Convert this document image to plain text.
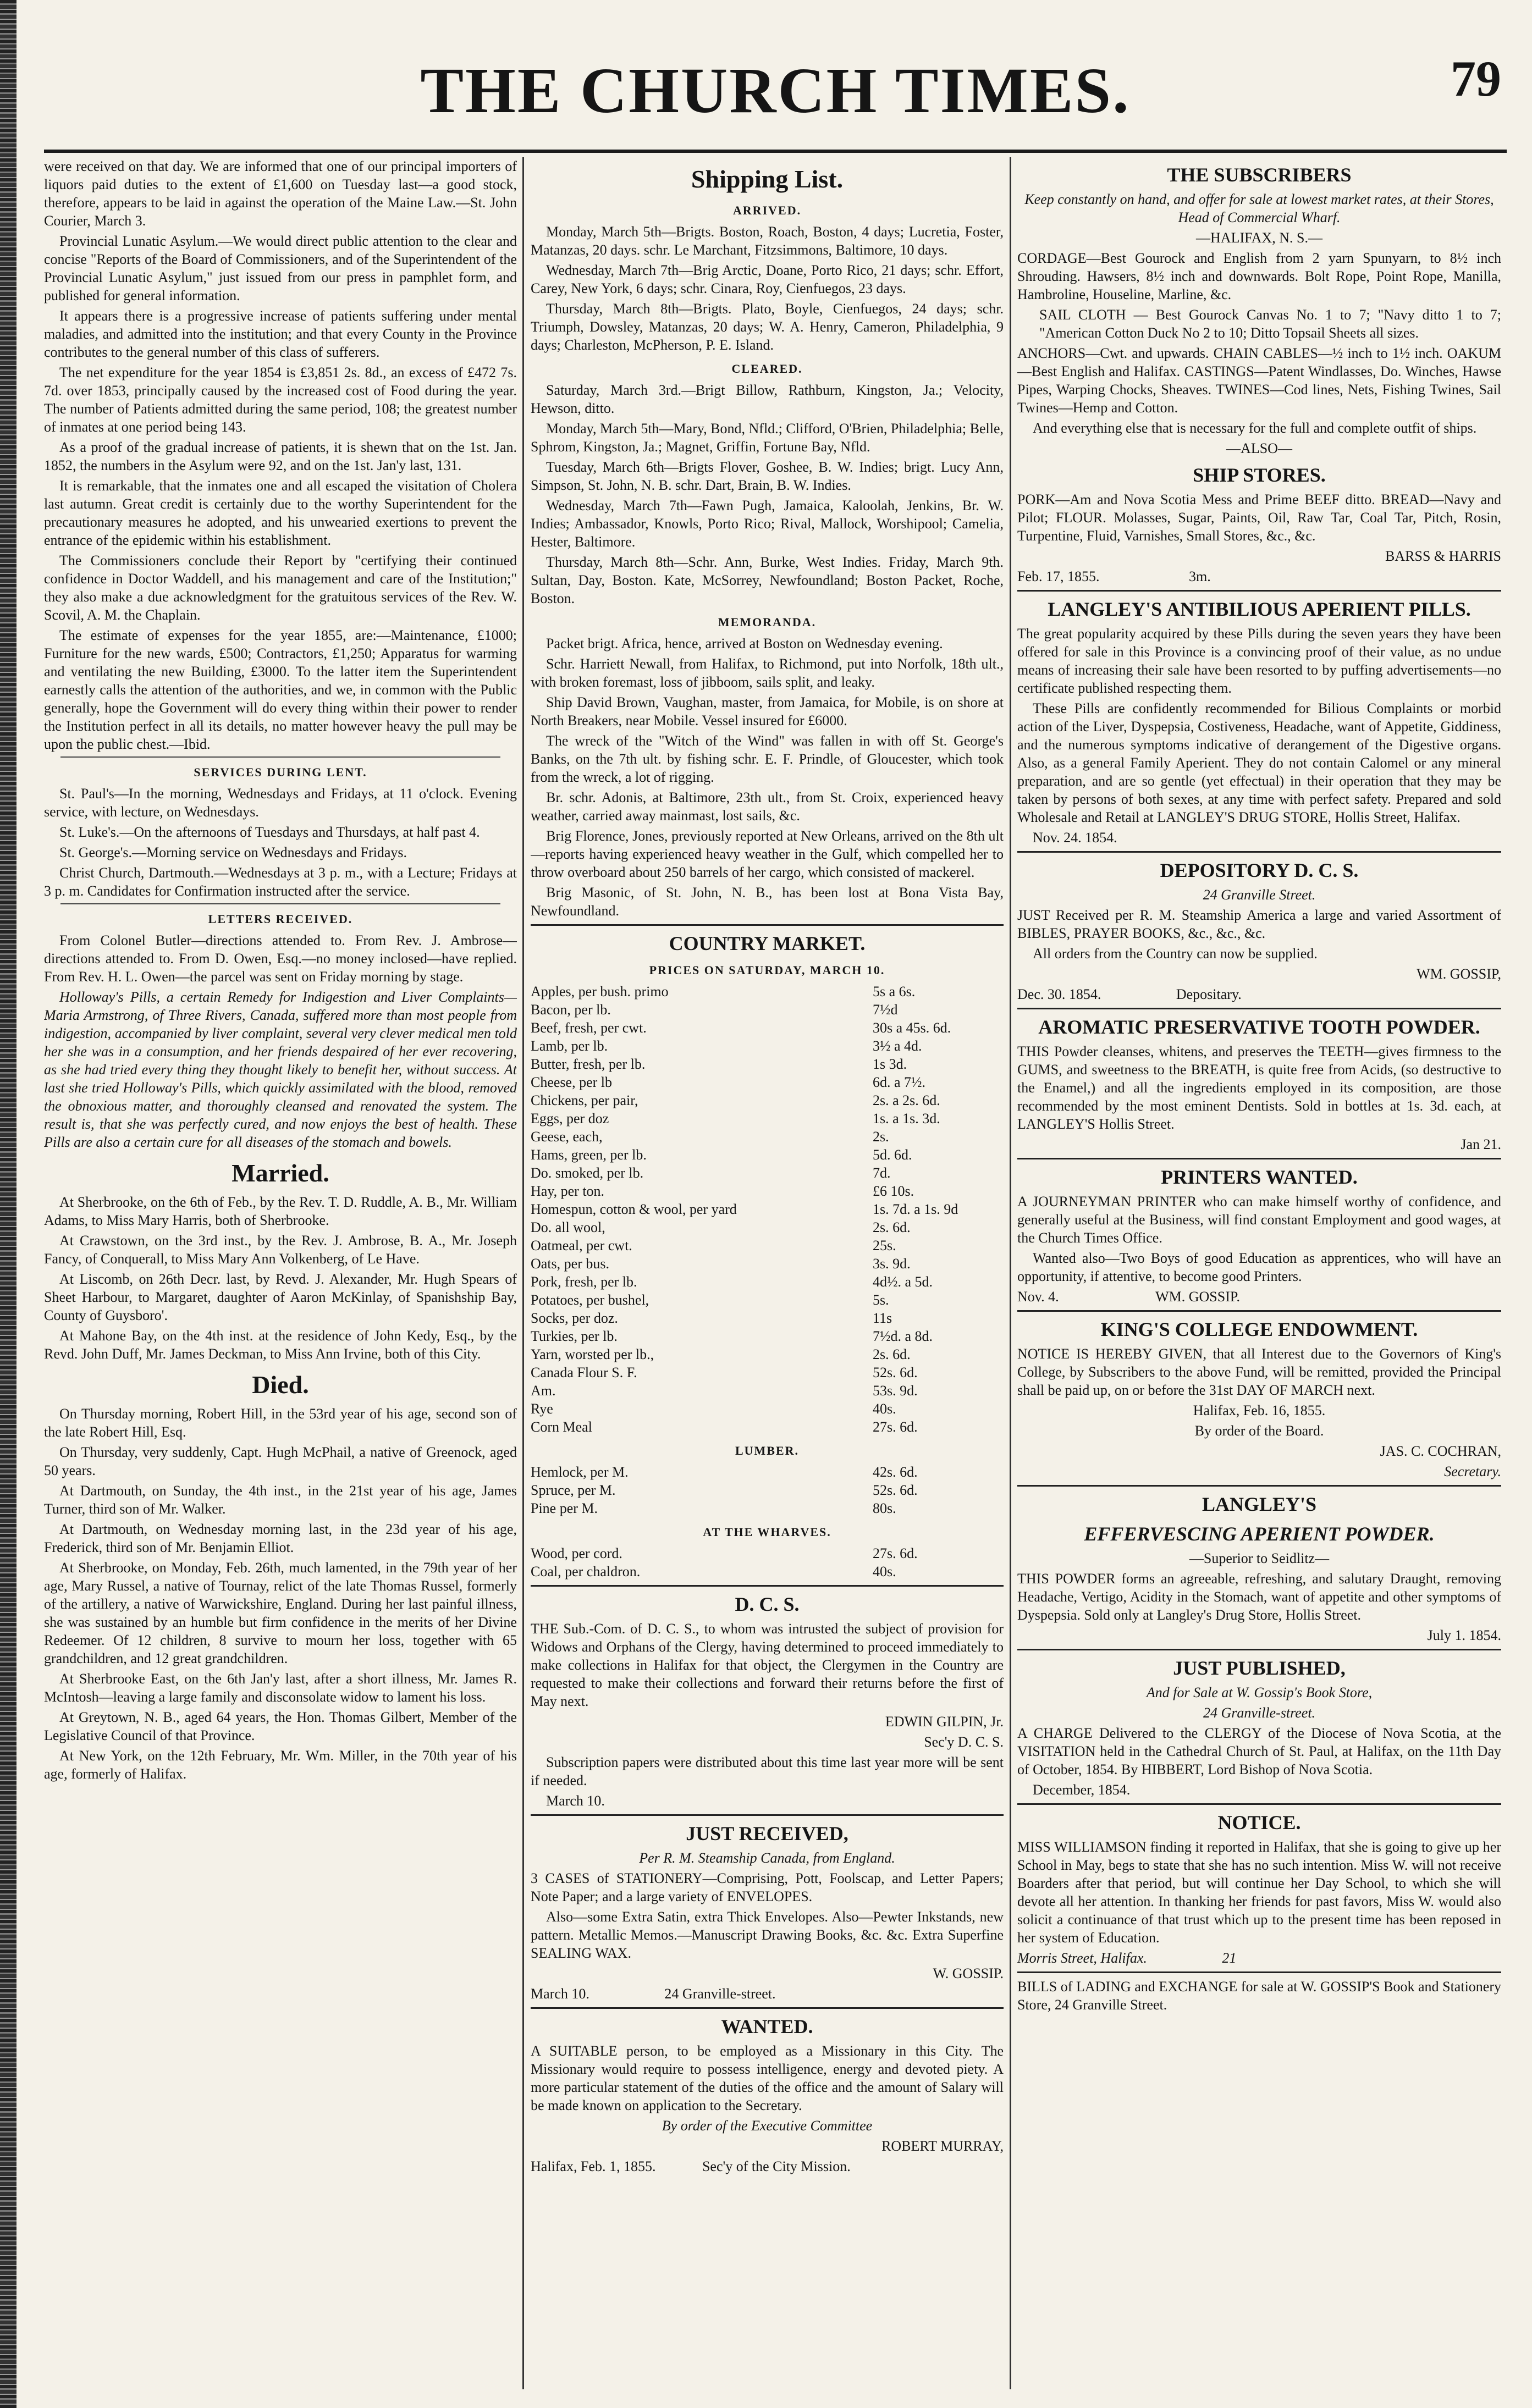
THE CHURCH TIMES.	79

were received on that day. We are informed that one of our principal importers of liquors paid duties to the extent of £1,600 on Tuesday last—a good stock, therefore, appears to be laid in against the operation of the Maine Law.—St. John Courier, March 3.

Provincial Lunatic Asylum.—We would direct public attention to the clear and concise "Reports of the Board of Commissioners, and of the Superintendent of the Provincial Lunatic Asylum," just issued from our press in pamphlet form, and published for general information.

It appears there is a progressive increase of patients suffering under mental maladies, and admitted into the institution; and that every County in the Province contributes to the general number of this class of sufferers.

The net expenditure for the year 1854 is £3,851 2s. 8d., an excess of £472 7s. 7d. over 1853, principally caused by the increased cost of Food during the year. The number of Patients admitted during the same period, 108; the greatest number of inmates at one period being 143.

As a proof of the gradual increase of patients, it is shewn that on the 1st. Jan. 1852, the numbers in the Asylum were 92, and on the 1st. Jan'y last, 131.

It is remarkable, that the inmates one and all escaped the visitation of Cholera last autumn. Great credit is certainly due to the worthy Superintendent for the precautionary measures he adopted, and his unwearied exertions to prevent the entrance of the epidemic within his establishment.

The Commissioners conclude their Report by "certifying their continued confidence in Doctor Waddell, and his management and care of the Institution;" they also make a due acknowledgment for the gratuitous services of the Rev. W. Scovil, A. M. the Chaplain.

The estimate of expenses for the year 1855, are:—Maintenance, £1000; Furniture for the new wards, £500; Contractors, £1,250; Apparatus for warming and ventilating the new Building, £3000. To the latter item the Superintendent earnestly calls the attention of the authorities, and we, in common with the Public generally, hope the Government will do every thing within their power to render the Institution perfect in all its details, no matter however heavy the pull may be upon the public chest.—Ibid.

SERVICES DURING LENT.

St. Paul's—In the morning, Wednesdays and Fridays, at 11 o'clock. Evening service, with lecture, on Wednesdays.

St. Luke's.—On the afternoons of Tuesdays and Thursdays, at half past 4.

St. George's.—Morning service on Wednesdays and Fridays.

Christ Church, Dartmouth.—Wednesdays at 3 p. m., with a Lecture; Fridays at 3 p. m. Candidates for Confirmation instructed after the service.

LETTERS RECEIVED.

From Colonel Butler—directions attended to. From Rev. J. Ambrose—directions attended to. From D. Owen, Esq.—no money inclosed—have replied. From Rev. H. L. Owen—the parcel was sent on Friday morning by stage.

Holloway's Pills, a certain Remedy for Indigestion and Liver Complaints—Maria Armstrong, of Three Rivers, Canada, suffered more than most people from indigestion, accompanied by liver complaint, several very clever medical men told her she was in a consumption, and her friends despaired of her ever recovering, as she had tried every thing they thought likely to benefit her, without success. At last she tried Holloway's Pills, which quickly assimilated with the blood, removed the obnoxious matter, and thoroughly cleansed and renovated the system. The result is, that she was perfectly cured, and now enjoys the best of health. These Pills are also a certain cure for all diseases of the stomach and bowels.

Married.

At Sherbrooke, on the 6th of Feb., by the Rev. T. D. Ruddle, A. B., Mr. William Adams, to Miss Mary Harris, both of Sherbrooke.

At Crawstown, on the 3rd inst., by the Rev. J. Ambrose, B. A., Mr. Joseph Fancy, of Conquerall, to Miss Mary Ann Volkenberg, of Le Have.

At Liscomb, on 26th Decr. last, by Revd. J. Alexander, Mr. Hugh Spears of Sheet Harbour, to Margaret, daughter of Aaron McKinlay, of Spanishship Bay, County of Guysboro'.

At Mahone Bay, on the 4th inst. at the residence of John Kedy, Esq., by the Revd. John Duff, Mr. James Deckman, to Miss Ann Irvine, both of this City.

Died.

On Thursday morning, Robert Hill, in the 53rd year of his age, second son of the late Robert Hill, Esq.

On Thursday, very suddenly, Capt. Hugh McPhail, a native of Greenock, aged 50 years.

At Dartmouth, on Sunday, the 4th inst., in the 21st year of his age, James Turner, third son of Mr. Walker.

At Dartmouth, on Wednesday morning last, in the 23d year of his age, Frederick, third son of Mr. Benjamin Elliot.

At Sherbrooke, on Monday, Feb. 26th, much lamented, in the 79th year of her age, Mary Russel, a native of Tournay, relict of the late Thomas Russel, formerly of the artillery, a native of Warwickshire, England. During her last painful illness, she was sustained by an humble but firm confidence in the merits of her Divine Redeemer. Of 12 children, 8 survive to mourn her loss, together with 65 grandchildren, and 12 great grandchildren.

At Sherbrooke East, on the 6th Jan'y last, after a short illness, Mr. James R. McIntosh—leaving a large family and disconsolate widow to lament his loss.

At Greytown, N. B., aged 64 years, the Hon. Thomas Gilbert, Member of the Legislative Council of that Province.

At New York, on the 12th February, Mr. Wm. Miller, in the 70th year of his age, formerly of Halifax.

Shipping List.
ARRIVED.

Monday, March 5th—Brigts. Boston, Roach, Boston, 4 days; Lucretia, Foster, Matanzas, 20 days. schr. Le Marchant, Fitzsimmons, Baltimore, 10 days.

Wednesday, March 7th—Brig Arctic, Doane, Porto Rico, 21 days; schr. Effort, Carey, New York, 6 days; schr. Cinara, Roy, Cienfuegos, 23 days.

Thursday, March 8th—Brigts. Plato, Boyle, Cienfuegos, 24 days; schr. Triumph, Dowsley, Matanzas, 20 days; W. A. Henry, Cameron, Philadelphia, 9 days; Charleston, McPherson, P. E. Island.

CLEARED.

Saturday, March 3rd.—Brigt Billow, Rathburn, Kingston, Ja.; Velocity, Hewson, ditto.

Monday, March 5th—Mary, Bond, Nfld.; Clifford, O'Brien, Philadelphia; Belle, Sphrom, Kingston, Ja.; Magnet, Griffin, Fortune Bay, Nfld.

Tuesday, March 6th—Brigts Flover, Goshee, B. W. Indies; brigt. Lucy Ann, Simpson, St. John, N. B. schr. Dart, Brain, B. W. Indies.

Wednesday, March 7th—Fawn Pugh, Jamaica, Kaloolah, Jenkins, Br. W. Indies; Ambassador, Knowls, Porto Rico; Rival, Mallock, Worshipool; Camelia, Hester, Baltimore.

Thursday, March 8th—Schr. Ann, Burke, West Indies. Friday, March 9th. Sultan, Day, Boston. Kate, McSorrey, Newfoundland; Boston Packet, Roche, Boston.

MEMORANDA.

Packet brigt. Africa, hence, arrived at Boston on Wednesday evening.

Schr. Harriett Newall, from Halifax, to Richmond, put into Norfolk, 18th ult., with broken foremast, loss of jibboom, sails split, and leaky.

Ship David Brown, Vaughan, master, from Jamaica, for Mobile, is on shore at North Breakers, near Mobile. Vessel insured for £6000.

The wreck of the "Witch of the Wind" was fallen in with off St. George's Banks, on the 7th ult. by fishing schr. E. F. Prindle, of Gloucester, which took from the wreck, a lot of rigging.

Br. schr. Adonis, at Baltimore, 23th ult., from St. Croix, experienced heavy weather, carried away mainmast, lost sails, &c.

Brig Florence, Jones, previously reported at New Orleans, arrived on the 8th ult—reports having experienced heavy weather in the Gulf, which compelled her to throw overboard about 250 barrels of her cargo, which consisted of mackerel.

Brig Masonic, of St. John, N. B., has been lost at Bona Vista Bay, Newfoundland.

COUNTRY MARKET.
PRICES ON SATURDAY, MARCH 10.
Apples, per bush. primo	5s a 6s.
Bacon, per lb.	7½d
Beef, fresh, per cwt.	30s a 45s. 6d.
Lamb, per lb.	3½ a 4d.
Butter, fresh, per lb.	1s 3d.
Cheese, per lb	6d. a 7½.
Chickens, per pair,	2s. a 2s. 6d.
Eggs, per doz	1s. a 1s. 3d.
Geese, each,	2s.
Hams, green, per lb.	5d. 6d.
Do. smoked, per lb.	7d.
Hay, per ton.	£6 10s.
Homespun, cotton & wool, per yard	1s. 7d. a 1s. 9d
Do. all wool,	2s. 6d.
Oatmeal, per cwt.	25s.
Oats, per bus.	3s. 9d.
Pork, fresh, per lb.	4d½. a 5d.
Potatoes, per bushel,	5s.
Socks, per doz.	11s
Turkies, per lb.	7½d. a 8d.
Yarn, worsted per lb.,	2s. 6d.
Canada Flour S. F.	52s. 6d.
Am.	53s. 9d.
Rye	40s.
Corn Meal	27s. 6d.
LUMBER.
Hemlock, per M.	42s. 6d.
Spruce, per M.	52s. 6d.
Pine per M.	80s.
AT THE WHARVES.
Wood, per cord.	27s. 6d.
Coal, per chaldron.	40s.
D. C. S.

THE Sub.-Com. of D. C. S., to whom was intrusted the subject of provision for Widows and Orphans of the Clergy, having determined to proceed immediately to make collections in Halifax for that object, the Clergymen in the Country are requested to make their collections and forward their returns before the first of May next.

EDWIN GILPIN, Jr.

Sec'y D. C. S.

Subscription papers were distributed about this time last year more will be sent if needed.

March 10.

JUST RECEIVED,

Per R. M. Steamship Canada, from England.

3 CASES of STATIONERY—Comprising, Pott, Foolscap, and Letter Papers; Note Paper; and a large variety of ENVELOPES.

Also—some Extra Satin, extra Thick Envelopes. Also—Pewter Inkstands, new pattern. Metallic Memos.—Manuscript Drawing Books, &c. &c. Extra Superfine SEALING WAX.

W. GOSSIP.

March 10.	24 Granville-street.

WANTED.

A SUITABLE person, to be employed as a Missionary in this City. The Missionary would require to possess intelligence, energy and devoted piety. A more particular statement of the duties of the office and the amount of Salary will be made known on application to the Secretary.

By order of the Executive Committee

ROBERT MURRAY,

Halifax, Feb. 1, 1855.	Sec'y of the City Mission.

THE SUBSCRIBERS

Keep constantly on hand, and offer for sale at lowest market rates, at their Stores, Head of Commercial Wharf.

—HALIFAX, N. S.—

CORDAGE—Best Gourock and English from 2 yarn Spunyarn, to 8½ inch Shrouding. Hawsers, 8½ inch and downwards. Bolt Rope, Point Rope, Manilla, Hambroline, Houseline, Marline, &c.

SAIL CLOTH — Best Gourock Canvas No. 1 to 7; "Navy ditto 1 to 7; "American Cotton Duck No 2 to 10; Ditto Topsail Sheets all sizes.

ANCHORS—Cwt. and upwards. CHAIN CABLES—½ inch to 1½ inch. OAKUM—Best English and Halifax. CASTINGS—Patent Windlasses, Do. Winches, Hawse Pipes, Warping Chocks, Sheaves. TWINES—Cod lines, Nets, Fishing Twines, Sail Twines—Hemp and Cotton.

And everything else that is necessary for the full and complete outfit of ships.

—ALSO—

SHIP STORES.

PORK—Am and Nova Scotia Mess and Prime BEEF ditto. BREAD—Navy and Pilot; FLOUR. Molasses, Sugar, Paints, Oil, Raw Tar, Coal Tar, Pitch, Rosin, Turpentine, Fluid, Varnishes, Small Stores, &c., &c.

BARSS & HARRIS

Feb. 17, 1855.	3m.

LANGLEY'S ANTIBILIOUS APERIENT PILLS.

The great popularity acquired by these Pills during the seven years they have been offered for sale in this Province is a convincing proof of their value, as no undue means of increasing their sale have been resorted to by puffing advertisements—no certificate published respecting them.

These Pills are confidently recommended for Bilious Complaints or morbid action of the Liver, Dyspepsia, Costiveness, Headache, want of Appetite, Giddiness, and the numerous symptoms indicative of derangement of the Digestive organs. Also, as a general Family Aperient. They do not contain Calomel or any mineral preparation, and are so gentle (yet effectual) in their operation that they may be taken by persons of both sexes, at any time with perfect safety. Prepared and sold Wholesale and Retail at LANGLEY'S DRUG STORE, Hollis Street, Halifax.

Nov. 24. 1854.

DEPOSITORY D. C. S.

24 Granville Street.

JUST Received per R. M. Steamship America a large and varied Assortment of BIBLES, PRAYER BOOKS, &c., &c., &c.

All orders from the Country can now be supplied.

WM. GOSSIP,

Dec. 30. 1854.	Depositary.

AROMATIC PRESERVATIVE TOOTH POWDER.

THIS Powder cleanses, whitens, and preserves the TEETH—gives firmness to the GUMS, and sweetness to the BREATH, is quite free from Acids, (so destructive to the Enamel,) and all the ingredients employed in its composition, are those recommended by the most eminent Dentists. Sold in bottles at 1s. 3d. each, at LANGLEY'S Hollis Street.

Jan 21.

PRINTERS WANTED.

A JOURNEYMAN PRINTER who can make himself worthy of confidence, and generally useful at the Business, will find constant Employment and good wages, at the Church Times Office.

Wanted also—Two Boys of good Education as apprentices, who will have an opportunity, if attentive, to become good Printers.

Nov. 4.	WM. GOSSIP.

KING'S COLLEGE ENDOWMENT.

NOTICE IS HEREBY GIVEN, that all Interest due to the Governors of King's College, by Subscribers to the above Fund, will be remitted, provided the Principal shall be paid up, on or before the 31st DAY OF MARCH next.

Halifax, Feb. 16, 1855.

By order of the Board.

JAS. C. COCHRAN,

Secretary.

LANGLEY'S
EFFERVESCING APERIENT POWDER.

—Superior to Seidlitz—

THIS POWDER forms an agreeable, refreshing, and salutary Draught, removing Headache, Vertigo, Acidity in the Stomach, want of appetite and other symptoms of Dyspepsia. Sold only at Langley's Drug Store, Hollis Street.

July 1. 1854.

JUST PUBLISHED,

And for Sale at W. Gossip's Book Store,

24 Granville-street.

A CHARGE Delivered to the CLERGY of the Diocese of Nova Scotia, at the VISITATION held in the Cathedral Church of St. Paul, at Halifax, on the 11th Day of October, 1854. By HIBBERT, Lord Bishop of Nova Scotia.

December, 1854.

NOTICE.

MISS WILLIAMSON finding it reported in Halifax, that she is going to give up her School in May, begs to state that she has no such intention. Miss W. will not receive Boarders after that period, but will continue her Day School, to which she will devote all her attention. In thanking her friends for past favors, Miss W. would also solicit a continuance of that trust which up to the present time has been reposed in her system of Education.

Morris Street, Halifax.	21

BILLS of LADING and EXCHANGE for sale at W. GOSSIP'S Book and Stationery Store, 24 Granville Street.
